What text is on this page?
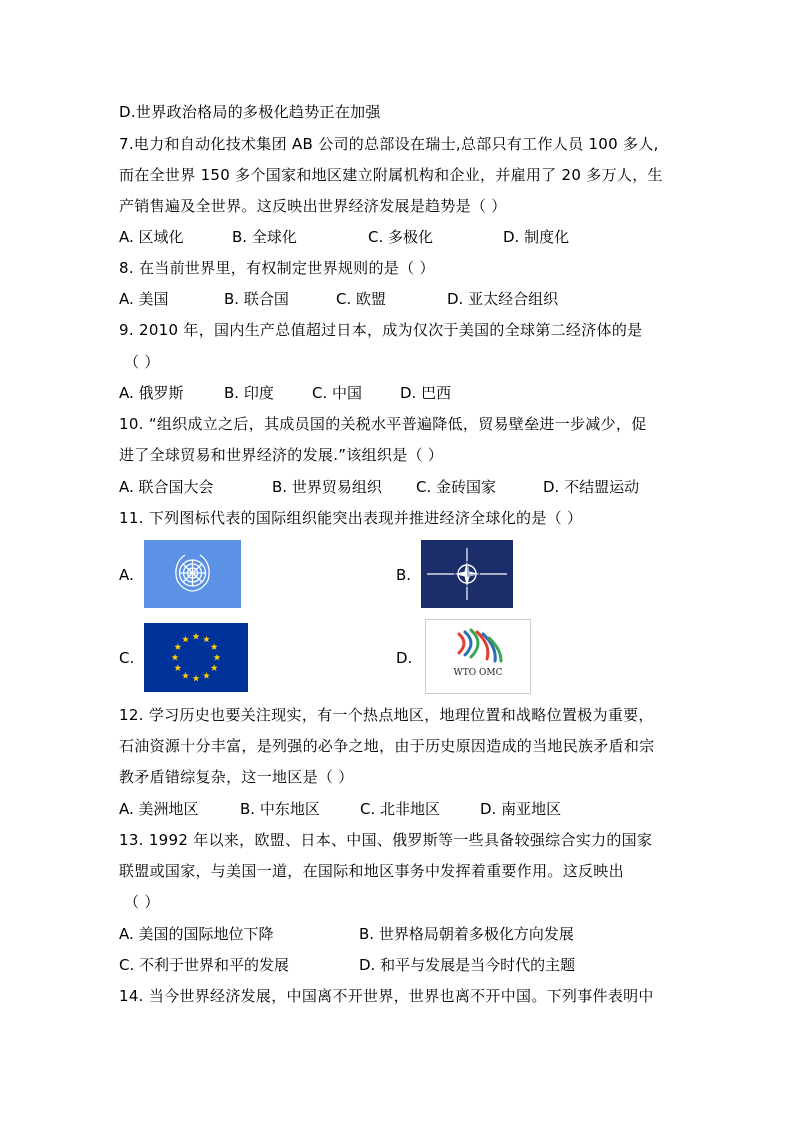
D.世界政治格局的多极化趋势正在加强
7.电力和自动化技术集团 AB 公司的总部设在瑞士,总部只有工作人员 100 多人,
而在全世界 150 多个国家和地区建立附属机构和企业，并雇用了 20 多万人，生
产销售遍及全世界。这反映出世界经济发展是趋势是（ ）
A. 区域化	B. 全球化	C. 多极化	D. 制度化
8. 在当前世界里，有权制定世界规则的是（ ）
A. 美国	B. 联合国	C. 欧盟	D. 亚太经合组织
9. 2010 年，国内生产总值超过日本，成为仅次于美国的全球第二经济体的是
（ ）
A. 俄罗斯	B. 印度	C. 中国	D. 巴西
10. “组织成立之后，其成员国的关税水平普遍降低，贸易壁垒进一步减少，促
进了全球贸易和世界经济的发展.”该组织是（ ）
A. 联合国大会	B. 世界贸易组织 C. 金砖国家	D. 不结盟运动
11. 下列图标代表的国际组织能突出表现并推进经济全球化的是（ ）
A.	B.
C.	D.
WTO OMC
12. 学习历史也要关注现实，有一个热点地区，地理位置和战略位置极为重要，
石油资源十分丰富，是列强的必争之地，由于历史原因造成的当地民族矛盾和宗
教矛盾错综复杂，这一地区是（ ）
A. 美洲地区	B. 中东地区	C. 北非地区	D. 南亚地区
13. 1992 年以来，欧盟、日本、中国、俄罗斯等一些具备较强综合实力的国家
联盟或国家，与美国一道，在国际和地区事务中发挥着重要作用。这反映出
（ ）
A. 美国的国际地位下降	B. 世界格局朝着多极化方向发展
C. 不利于世界和平的发展	D. 和平与发展是当今时代的主题
14. 当今世界经济发展，中国离不开世界，世界也离不开中国。下列事件表明中
